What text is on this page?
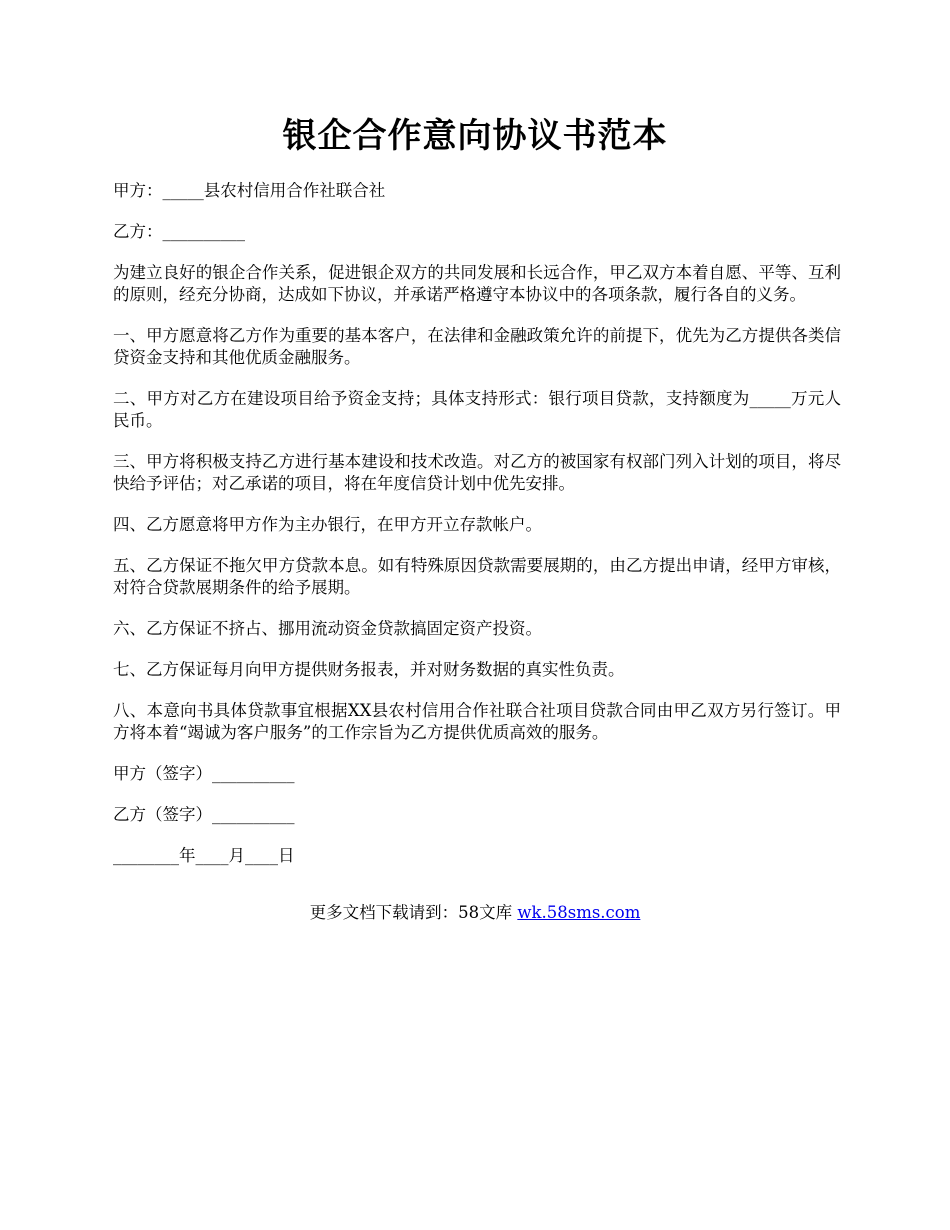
银企合作意向协议书范本

甲方：_____县农村信用合作社联合社

乙方：__________

为建立良好的银企合作关系，促进银企双方的共同发展和长远合作，甲乙双方本着自愿、平等、互利的原则，经充分协商，达成如下协议，并承诺严格遵守本协议中的各项条款，履行各自的义务。

一、甲方愿意将乙方作为重要的基本客户，在法律和金融政策允许的前提下，优先为乙方提供各类信贷资金支持和其他优质金融服务。

二、甲方对乙方在建设项目给予资金支持；具体支持形式：银行项目贷款，支持额度为_____万元人民币。

三、甲方将积极支持乙方进行基本建设和技术改造。对乙方的被国家有权部门列入计划的项目，将尽快给予评估；对乙承诺的项目，将在年度信贷计划中优先安排。

四、乙方愿意将甲方作为主办银行，在甲方开立存款帐户。

五、乙方保证不拖欠甲方贷款本息。如有特殊原因贷款需要展期的，由乙方提出申请，经甲方审核，对符合贷款展期条件的给予展期。

六、乙方保证不挤占、挪用流动资金贷款搞固定资产投资。

七、乙方保证每月向甲方提供财务报表，并对财务数据的真实性负责。

八、本意向书具体贷款事宜根据XX县农村信用合作社联合社项目贷款合同由甲乙双方另行签订。甲方将本着“竭诚为客户服务”的工作宗旨为乙方提供优质高效的服务。

甲方（签字）__________

乙方（签字）__________

________年____月____日

更多文档下载请到：58文库 wk.58sms.com
